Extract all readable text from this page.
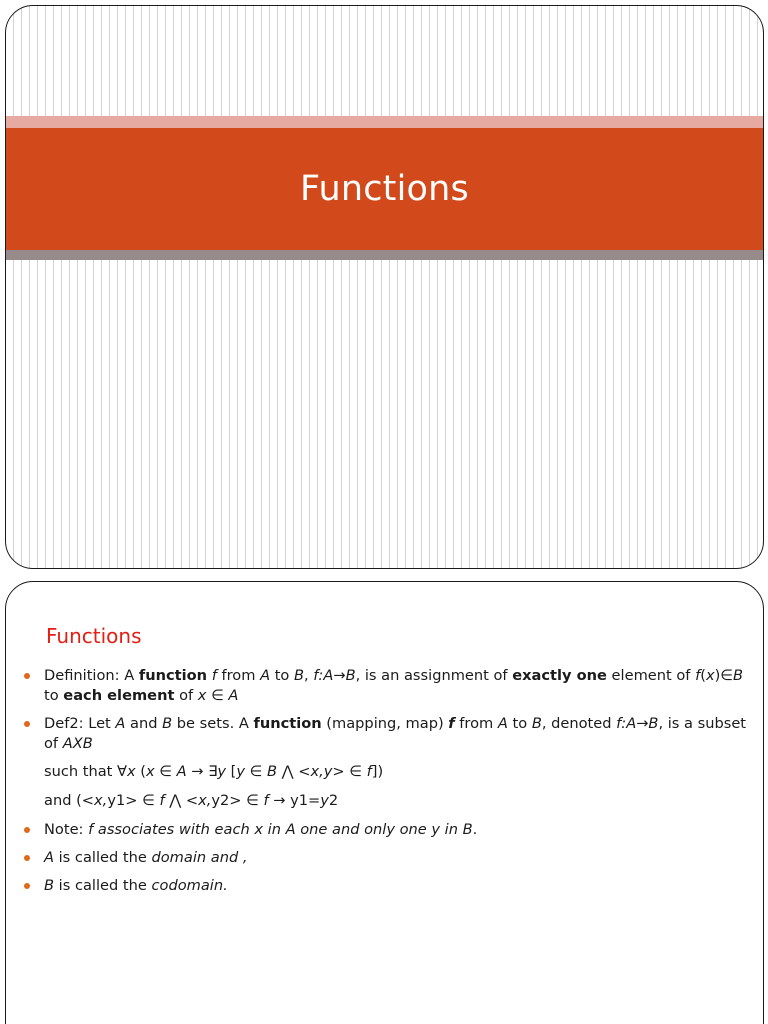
Functions
Functions
Definition: A function f from A to B, f:A→B, is an assignment of exactly one element of f(x)∈B to each element of x ∈ A
Def2: Let A and B be sets. A function (mapping, map) f from A to B, denoted f:A→B, is a subset of AXB
such that ∀x (x ∈ A → ∃y [y ∈ B ⋀ <x,y> ∈ f])
and (<x,y1> ∈ f ⋀ <x,y2> ∈ f → y1=y2
Note: f associates with each x in A one and only one y in B.
A is called the domain and ,
B is called the codomain.
